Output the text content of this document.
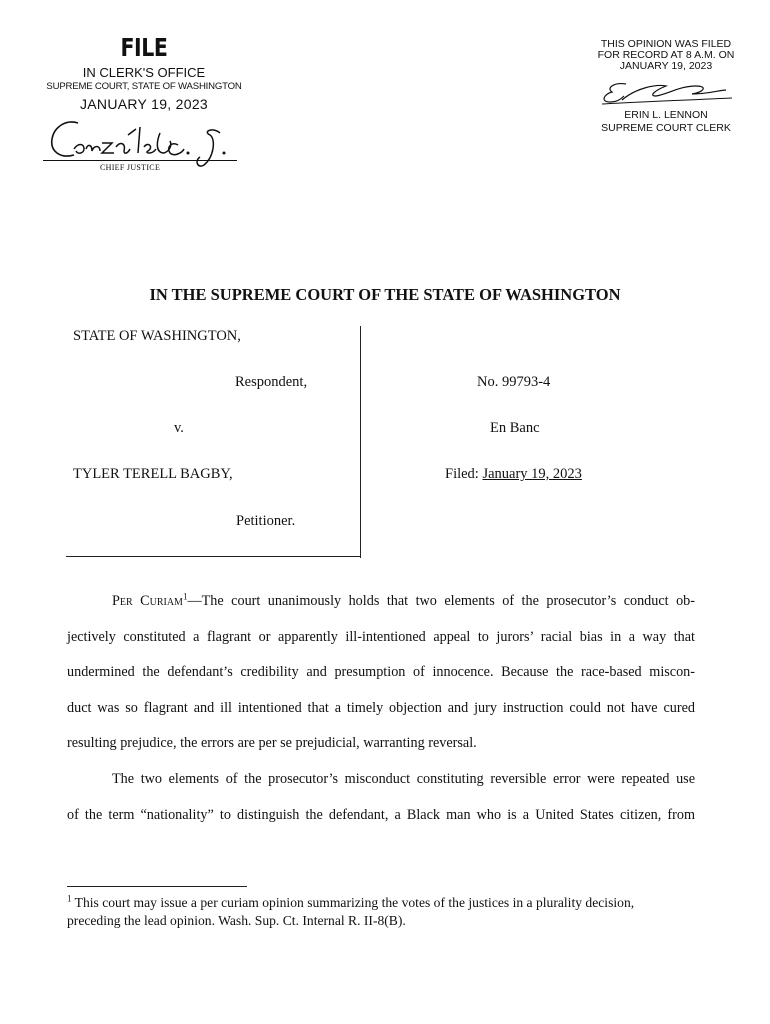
FILE
IN CLERK'S OFFICE
SUPREME COURT, STATE OF WASHINGTON
JANUARY 19, 2023
CHIEF JUSTICE
THIS OPINION WAS FILED
FOR RECORD AT 8 A.M. ON
JANUARY 19, 2023
ERIN L. LENNON
SUPREME COURT CLERK
IN THE SUPREME COURT OF THE STATE OF WASHINGTON
STATE OF WASHINGTON,
Respondent,
v.
TYLER TERELL BAGBY,
Petitioner.
No. 99793-4
En Banc
Filed: January 19, 2023
Per Curiam$^1$—The court unanimously holds that two elements of the prosecutor’s conduct ob-
jectively constituted a flagrant or apparently ill-intentioned appeal to jurors’ racial bias in a way that
undermined the defendant’s credibility and presumption of innocence. Because the race-based miscon-
duct was so flagrant and ill intentioned that a timely objection and jury instruction could not have cured
resulting prejudice, the errors are per se prejudicial, warranting reversal.
The two elements of the prosecutor’s misconduct constituting reversible error were repeated use
of the term “nationality” to distinguish the defendant, a Black man who is a United States citizen, from
$^1$ This court may issue a per curiam opinion summarizing the votes of the justices in a plurality decision,
preceding the lead opinion. Wash. Sup. Ct. Internal R. II-8(B).
